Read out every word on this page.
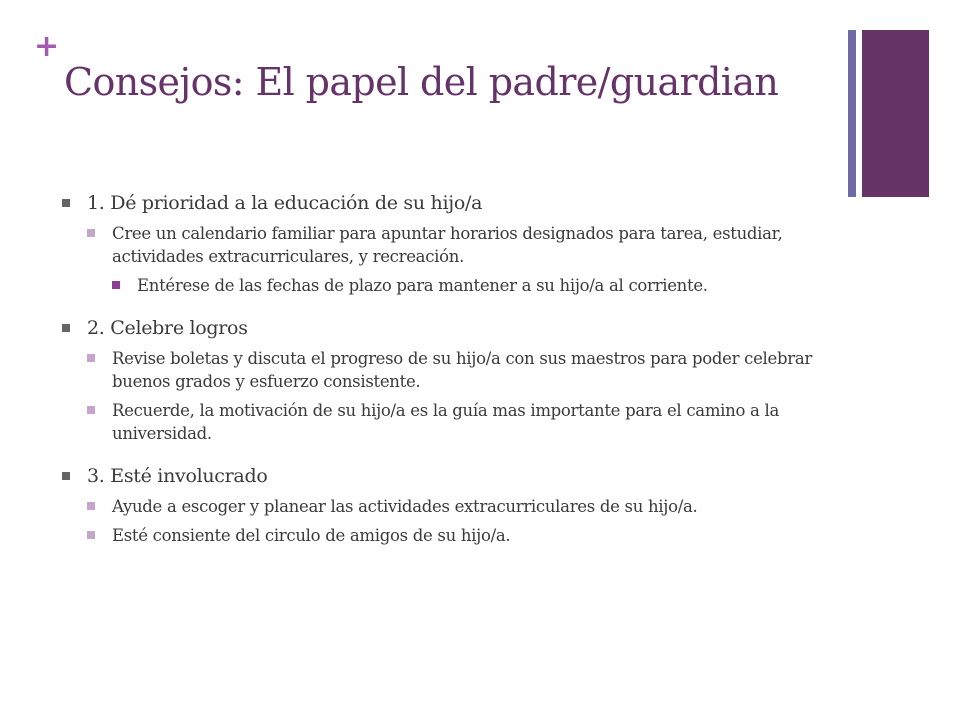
+
Consejos: El papel del padre/guardian
1. Dé prioridad a la educación de su hijo/a
Cree un calendario familiar para apuntar horarios designados para tarea, estudiar, actividades extracurriculares, y recreación.
Entérese de las fechas de plazo para mantener a su hijo/a al corriente.
2. Celebre logros
Revise boletas y discuta el progreso de su hijo/a con sus maestros para poder celebrar buenos grados y esfuerzo consistente.
Recuerde, la motivación de su hijo/a es la guía mas importante para el camino a la universidad.
3. Esté involucrado
Ayude a escoger y planear las actividades extracurriculares de su hijo/a.
Esté consiente del circulo de amigos de su hijo/a.
